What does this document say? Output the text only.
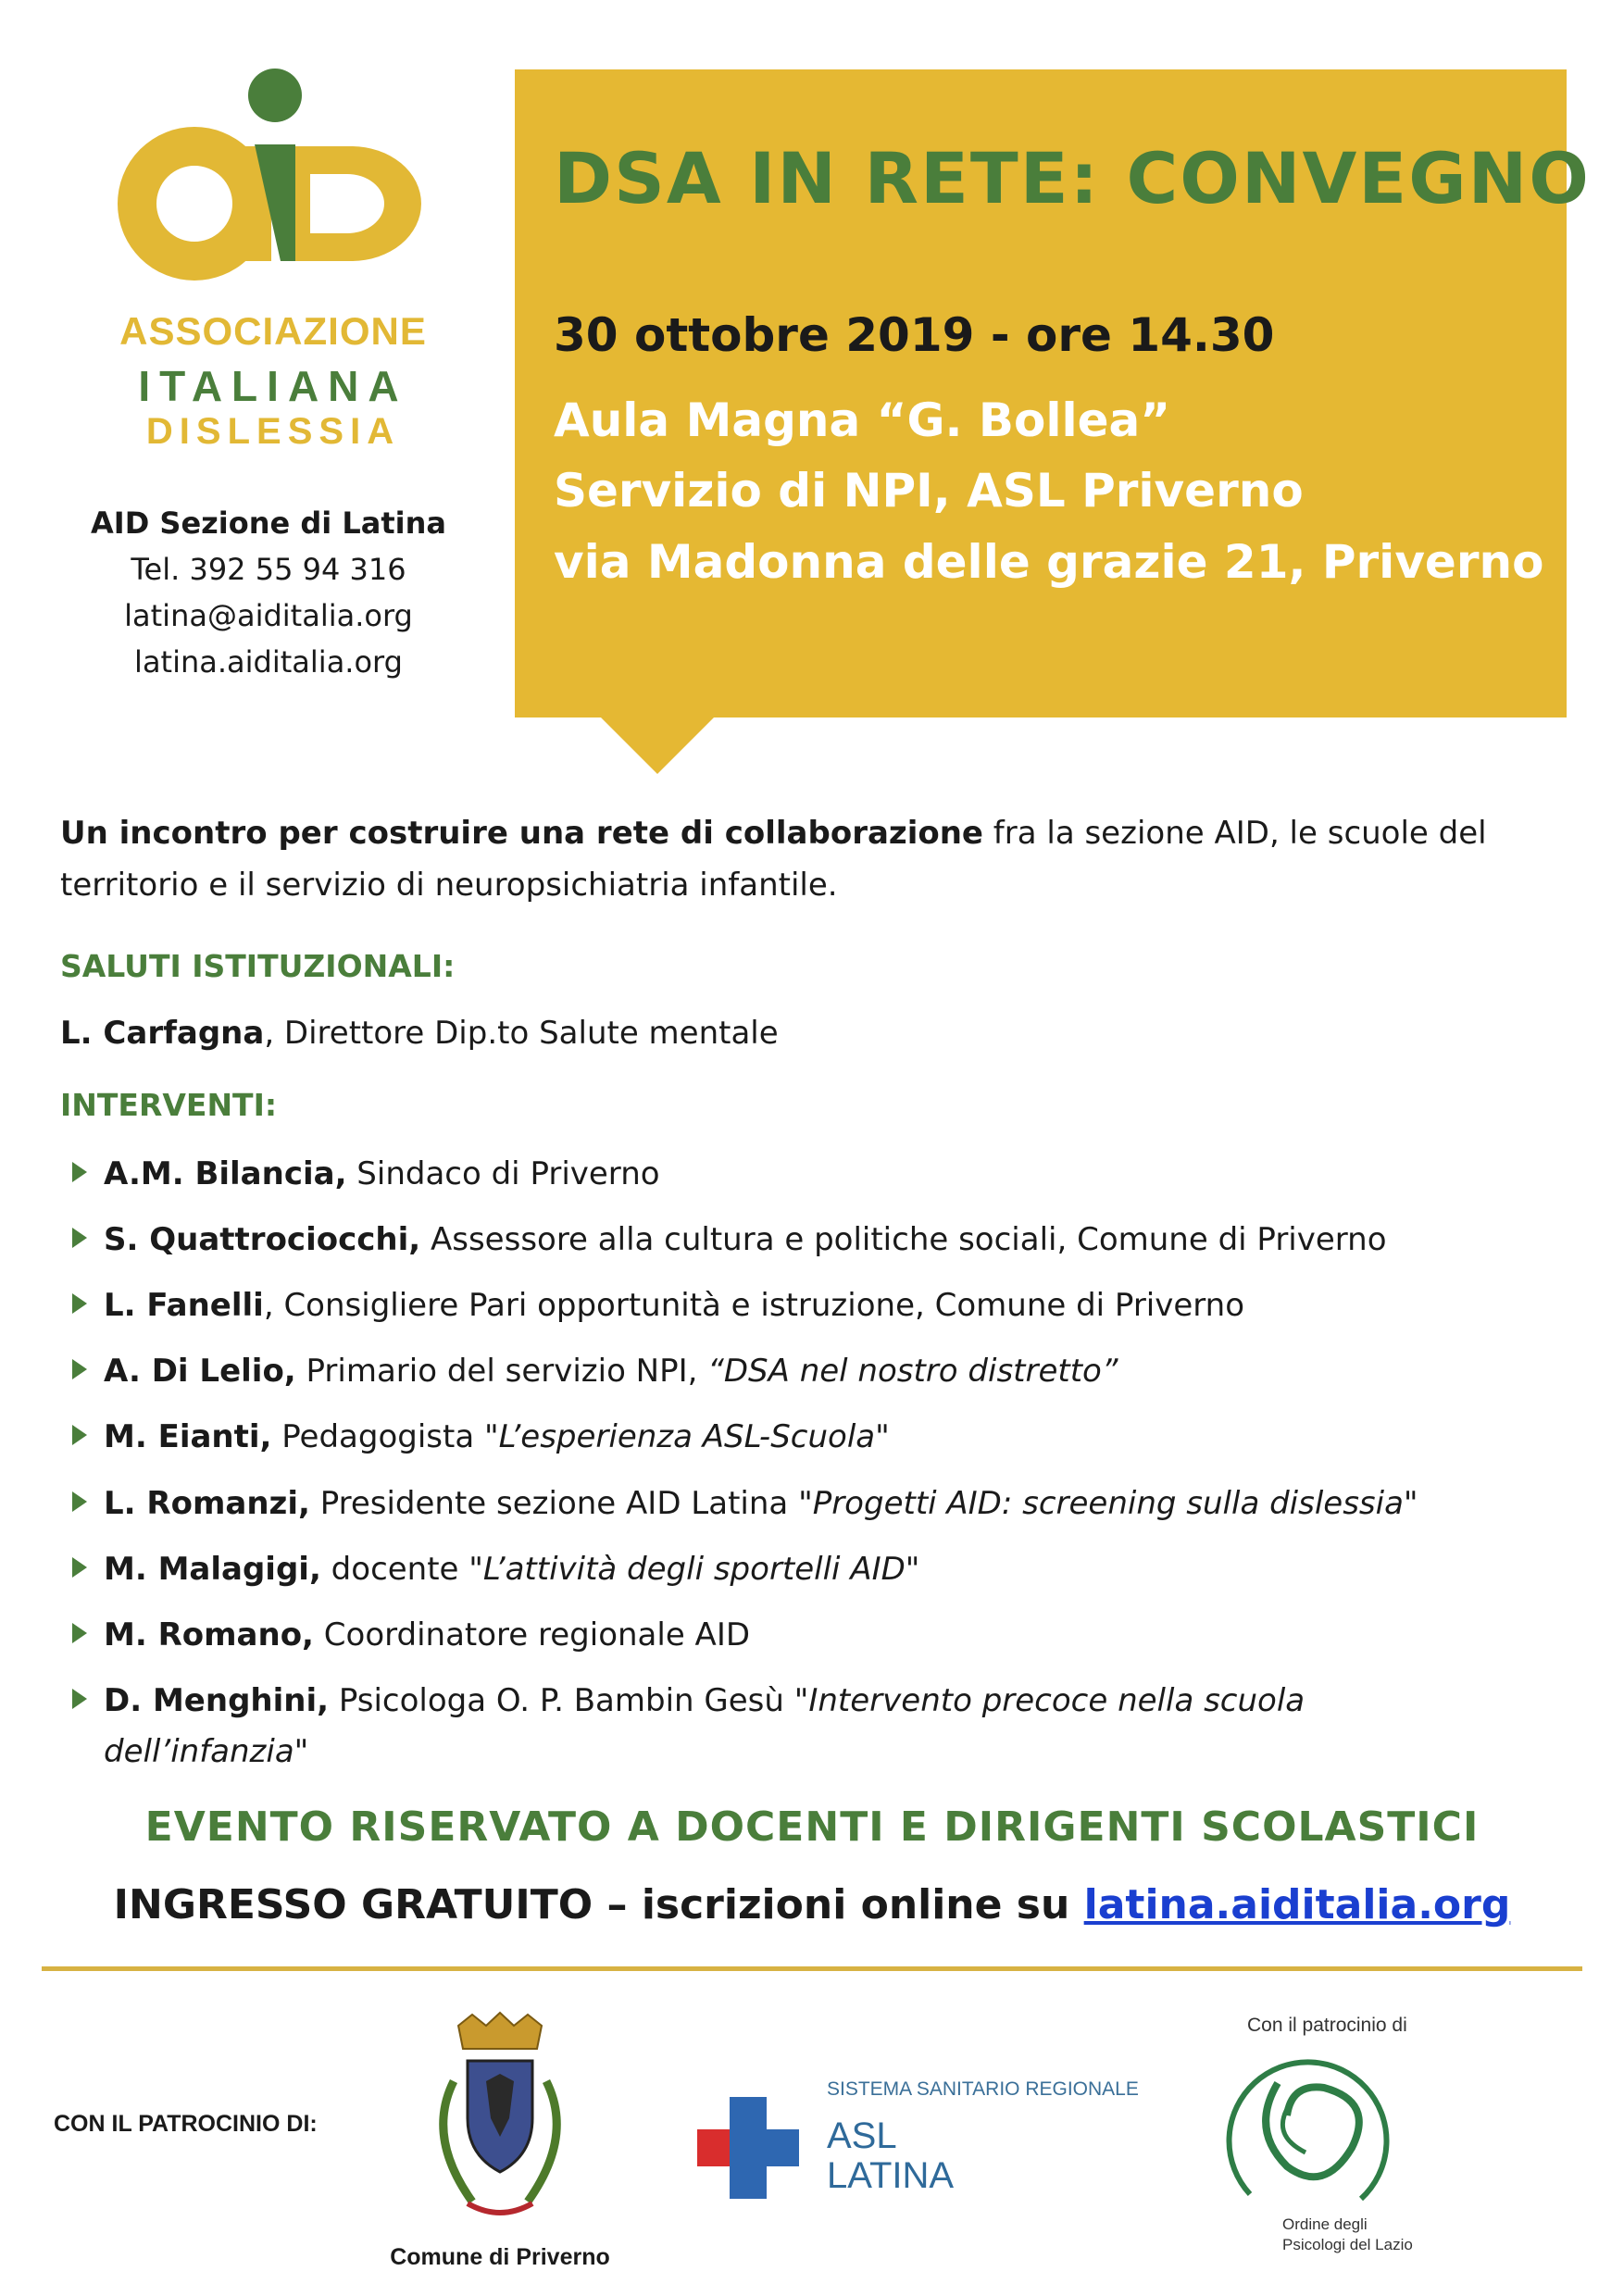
ASSOCIAZIONE
ITALIANA
DISLESSIA
AID Sezione di Latina
Tel. 392 55 94 316
latina@aiditalia.org
latina.aiditalia.org
DSA IN RETE: CONVEGNO
30 ottobre 2019 - ore 14.30
Aula Magna “G. Bollea”
Servizio di NPI, ASL Priverno
via Madonna delle grazie 21, Priverno
Un incontro per costruire una rete di collaborazione fra la sezione AID, le scuole del
territorio e il servizio di neuropsichiatria infantile.
SALUTI ISTITUZIONALI:
L. Carfagna, Direttore Dip.to Salute mentale
INTERVENTI:
A.M. Bilancia, Sindaco di Priverno
S. Quattrociocchi, Assessore alla cultura e politiche sociali, Comune di Priverno
L. Fanelli, Consigliere Pari opportunità e istruzione, Comune di Priverno
A. Di Lelio, Primario del servizio NPI, “DSA nel nostro distretto”
M. Eianti, Pedagogista "L’esperienza ASL-Scuola"
L. Romanzi, Presidente sezione AID Latina "Progetti AID: screening sulla dislessia"
M. Malagigi, docente "L’attività degli sportelli AID"
M. Romano, Coordinatore regionale AID
D. Menghini, Psicologa O. P. Bambin Gesù "Intervento precoce nella scuola
dell’infanzia"
EVENTO RISERVATO A DOCENTI E DIRIGENTI SCOLASTICI
INGRESSO GRATUITO – iscrizioni online su latina.aiditalia.org
CON IL PATROCINIO DI:
Comune di Priverno
SISTEMA SANITARIO REGIONALE
ASL
LATINA
Con il patrocinio di
Ordine degli
Psicologi del Lazio
